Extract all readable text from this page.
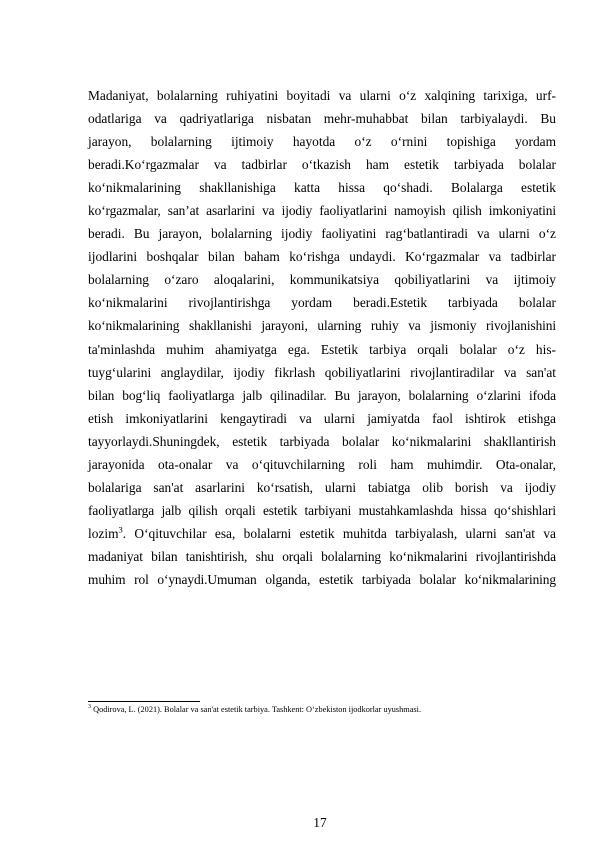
Madaniyat, bolalarning ruhiyatini boyitadi va ularni o‘z xalqining tarixiga, urf-
odatlariga va qadriyatlariga nisbatan mehr-muhabbat bilan tarbiyalaydi. Bu
jarayon, bolalarning ijtimoiy hayotda o‘z o‘rnini topishiga yordam
beradi.Ko‘rgazmalar va tadbirlar o‘tkazish ham estetik tarbiyada bolalar
ko‘nikmalarining shakllanishiga katta hissa qo‘shadi. Bolalarga estetik
ko‘rgazmalar, san’at asarlarini va ijodiy faoliyatlarini namoyish qilish imkoniyatini
beradi. Bu jarayon, bolalarning ijodiy faoliyatini rag‘batlantiradi va ularni o‘z
ijodlarini boshqalar bilan baham ko‘rishga undaydi. Ko‘rgazmalar va tadbirlar
bolalarning o‘zaro aloqalarini, kommunikatsiya qobiliyatlarini va ijtimoiy
ko‘nikmalarini rivojlantirishga yordam beradi.Estetik tarbiyada bolalar
ko‘nikmalarining shakllanishi jarayoni, ularning ruhiy va jismoniy rivojlanishini
ta'minlashda muhim ahamiyatga ega. Estetik tarbiya orqali bolalar o‘z his-
tuyg‘ularini anglaydilar, ijodiy fikrlash qobiliyatlarini rivojlantiradilar va san'at
bilan bog‘liq faoliyatlarga jalb qilinadilar. Bu jarayon, bolalarning o‘zlarini ifoda
etish imkoniyatlarini kengaytiradi va ularni jamiyatda faol ishtirok etishga
tayyorlaydi.Shuningdek, estetik tarbiyada bolalar ko‘nikmalarini shakllantirish
jarayonida ota-onalar va o‘qituvchilarning roli ham muhimdir. Ota-onalar,
bolalariga san'at asarlarini ko‘rsatish, ularni tabiatga olib borish va ijodiy
faoliyatlarga jalb qilish orqali estetik tarbiyani mustahkamlashda hissa qo‘shishlari
lozim$^3$. O‘qituvchilar esa, bolalarni estetik muhitda tarbiyalash, ularni san'at va
madaniyat bilan tanishtirish, shu orqali bolalarning ko‘nikmalarini rivojlantirishda
muhim rol o‘ynaydi.Umuman olganda, estetik tarbiyada bolalar ko‘nikmalarining
$^3$ Qodirova, L. (2021). Bolalar va san'at estetik tarbiya. Tashkent: O‘zbekiston ijodkorlar uyushmasi.
17
